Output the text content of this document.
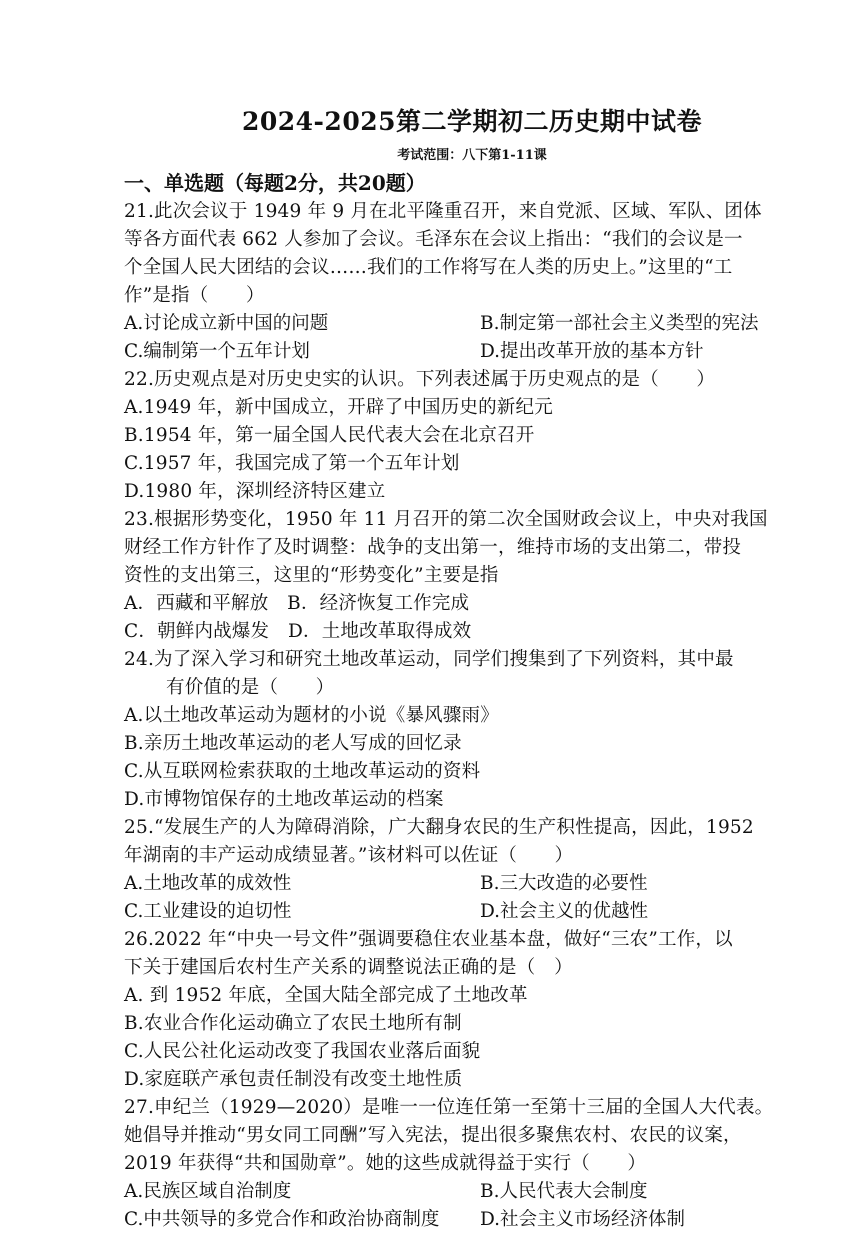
2024-2025第二学期初二历史期中试卷
考试范围：八下第1-11课
一、单选题（每题2分，共20题）
21.此次会议于 1949 年 9 月在北平隆重召开，来自党派、区域、军队、团体
等各方面代表 662 人参加了会议。毛泽东在会议上指出：“我们的会议是一
个全国人民大团结的会议……我们的工作将写在人类的历史上。”这里的“工
作”是指（　　）
A.讨论成立新中国的问题	B.制定第一部社会主义类型的宪法
C.编制第一个五年计划	D.提出改革开放的基本方针
22.历史观点是对历史史实的认识。下列表述属于历史观点的是（　　）
A.1949 年，新中国成立，开辟了中国历史的新纪元
B.1954 年，第一届全国人民代表大会在北京召开
C.1957 年，我国完成了第一个五年计划
D.1980 年，深圳经济特区建立
23.根据形势变化，1950 年 11 月召开的第二次全国财政会议上，中央对我国
财经工作方针作了及时调整：战争的支出第一，维持市场的支出第二，带投
资性的支出第三，这里的“形势变化”主要是指
A．西藏和平解放　B．经济恢复工作完成
C．朝鲜内战爆发　D．土地改革取得成效
24.为了深入学习和研究土地改革运动，同学们搜集到了下列资料，其中最
有价值的是（　　）
A.以土地改革运动为题材的小说《暴风骤雨》
B.亲历土地改革运动的老人写成的回忆录
C.从互联网检索获取的土地改革运动的资料
D.市博物馆保存的土地改革运动的档案
25.“发展生产的人为障碍消除，广大翻身农民的生产积性提高，因此，1952
年湖南的丰产运动成绩显著。”该材料可以佐证（　　）
A.土地改革的成效性	B.三大改造的必要性
C.工业建设的迫切性	D.社会主义的优越性
26.2022 年“中央一号文件”强调要稳住农业基本盘，做好“三农”工作，以
下关于建国后农村生产关系的调整说法正确的是（　）
A. 到 1952 年底，全国大陆全部完成了土地改革
B.农业合作化运动确立了农民土地所有制
C.人民公社化运动改变了我国农业落后面貌
D.家庭联产承包责任制没有改变土地性质
27.申纪兰（1929—2020）是唯一一位连任第一至第十三届的全国人大代表。
她倡导并推动“男女同工同酬”写入宪法，提出很多聚焦农村、农民的议案，
2019 年获得“共和国勋章”。她的这些成就得益于实行（　　）
A.民族区域自治制度	B.人民代表大会制度
C.中共领导的多党合作和政治协商制度	D.社会主义市场经济体制
